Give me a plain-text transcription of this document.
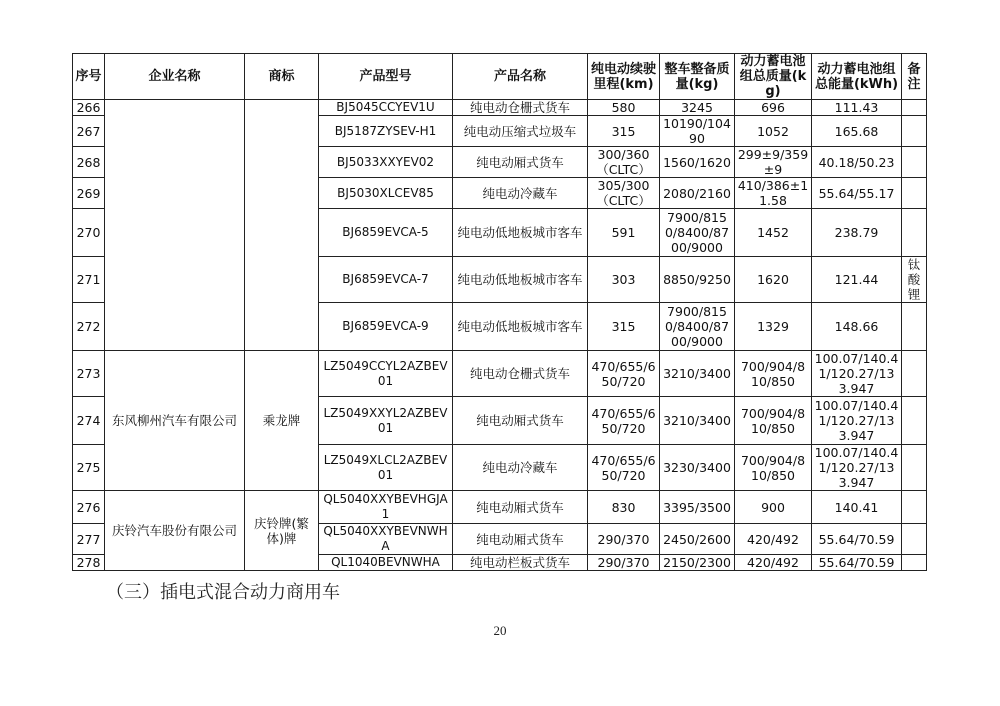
序号	企业名称	商标	产品型号	产品名称	纯电动续驶里程(km)	整车整备质量(kg)	动力蓄电池组总质量(kg)	动力蓄电池组总能量(kWh)	备注
266			BJ5045CCYEV1U	纯电动仓栅式货车	580	3245	696	111.43	
267			BJ5187ZYSEV-H1	纯电动压缩式垃圾车	315	10190/10490	1052	165.68	
268			BJ5033XXYEV02	纯电动厢式货车	300/360（CLTC）	1560/1620	299±9/359±9	40.18/50.23	
269			BJ5030XLCEV85	纯电动冷藏车	305/300（CLTC）	2080/2160	410/386±11.58	55.64/55.17	
270			BJ6859EVCA-5	纯电动低地板城市客车	591	7900/8150/8400/8700/9000	1452	238.79	
271			BJ6859EVCA-7	纯电动低地板城市客车	303	8850/9250	1620	121.44	钛酸锂
272			BJ6859EVCA-9	纯电动低地板城市客车	315	7900/8150/8400/8700/9000	1329	148.66	
273	东风柳州汽车有限公司	乘龙牌	LZ5049CCYL2AZBEV01	纯电动仓栅式货车	470/655/650/720	3210/3400	700/904/810/850	100.07/140.41/120.27/133.947	
274			LZ5049XXYL2AZBEV01	纯电动厢式货车	470/655/650/720	3210/3400	700/904/810/850	100.07/140.41/120.27/133.947	
275			LZ5049XLCL2AZBEV01	纯电动冷藏车	470/655/650/720	3230/3400	700/904/810/850	100.07/140.41/120.27/133.947	
276	庆铃汽车股份有限公司	庆铃牌(繁体)牌	QL5040XXYBEVHGJA1	纯电动厢式货车	830	3395/3500	900	140.41	
277			QL5040XXYBEVNWHA	纯电动厢式货车	290/370	2450/2600	420/492	55.64/70.59	
278			QL1040BEVNWHA	纯电动栏板式货车	290/370	2150/2300	420/492	55.64/70.59	
（三）插电式混合动力商用车
20
